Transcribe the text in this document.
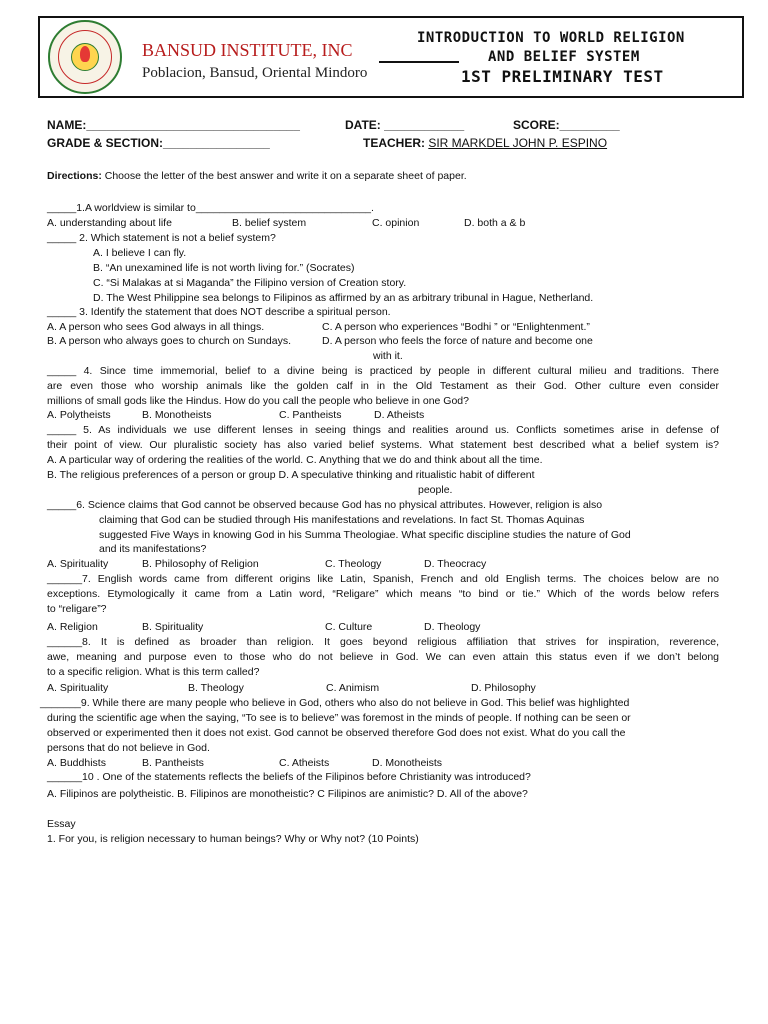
BANSUD INSTITUTE, INC
Poblacion, Bansud, Oriental Mindoro
INTRODUCTION TO WORLD RELIGION
AND BELIEF SYSTEM
1ST PRELIMINARY TEST
NAME:________________________________	DATE: ____________	SCORE:_________
GRADE & SECTION:________________	TEACHER: SIR MARKDEL JOHN P. ESPINO
Directions: Choose the letter of the best answer and write it on a separate sheet of paper.
_____1.A worldview is similar to______________________________.
A. understanding about life	B. belief system	C. opinion	D. both a & b
_____ 2. Which statement is not a belief system?
A. I believe I can fly.
B. “An unexamined life is not worth living for.” (Socrates)
C. “Si Malakas at si Maganda” the Filipino version of Creation story.
D. The West Philippine sea belongs to Filipinos as affirmed by an as arbitrary tribunal in Hague, Netherland.
_____ 3. Identify the statement that does NOT describe a spiritual person.
A. A person who sees God always in all things.	C. A person who experiences “Bodhi ” or “Enlightenment.”
B. A person who always goes to church on Sundays.	D. A person who feels the force of nature and become one
with it.
_____ 4. Since time immemorial, belief to a divine being is practiced by people in different cultural milieu and traditions. There
are even those who worship animals like the golden calf in in the Old Testament as their God. Other culture even consider
millions of small gods like the Hindus. How do you call the people who believe in one God?
A. Polytheists	B. Monotheists	C. Pantheists	D. Atheists
_____ 5. As individuals we use different lenses in seeing things and realities around us. Conflicts sometimes arise in defense of
their point of view. Our pluralistic society has also varied belief systems. What statement best described what a belief system is?
A. A particular way of ordering the realities of the world. C. Anything that we do and think about all the time.
B. The religious preferences of a person or group D. A speculative thinking and ritualistic habit of different
people.
_____6. Science claims that God cannot be observed because God has no physical attributes. However, religion is also
claiming that God can be studied through His manifestations and revelations. In fact St. Thomas Aquinas
suggested Five Ways in knowing God in his Summa Theologiae. What specific discipline studies the nature of God
and its manifestations?
A. Spirituality	B. Philosophy of Religion	C. Theology	D. Theocracy
______7. English words came from different origins like Latin, Spanish, French and old English terms. The choices below are no
exceptions. Etymologically it came from a Latin word, “Religare” which means “to bind or tie.” Which of the words below refers
to “religare”?
A. Religion	B. Spirituality	C. Culture	D. Theology
______8. It is defined as broader than religion. It goes beyond religious affiliation that strives for inspiration, reverence,
awe, meaning and purpose even to those who do not believe in God. We can even attain this status even if we don’t belong
to a specific religion. What is this term called?
A. Spirituality	B. Theology	C. Animism	D. Philosophy
_______9. While there are many people who believe in God, others who also do not believe in God. This belief was highlighted
during the scientific age when the saying, “To see is to believe” was foremost in the minds of people. If nothing can be seen or
observed or experimented then it does not exist. God cannot be observed therefore God does not exist. What do you call the
persons that do not believe in God.
A. Buddhists	B. Pantheists	C. Atheists	D. Monotheists
______10 . One of the statements reflects the beliefs of the Filipinos before Christianity was introduced?
A. Filipinos are polytheistic. B. Filipinos are monotheistic? C Filipinos are animistic? D. All of the above?
Essay
1. For you, is religion necessary to human beings? Why or Why not? (10 Points)
